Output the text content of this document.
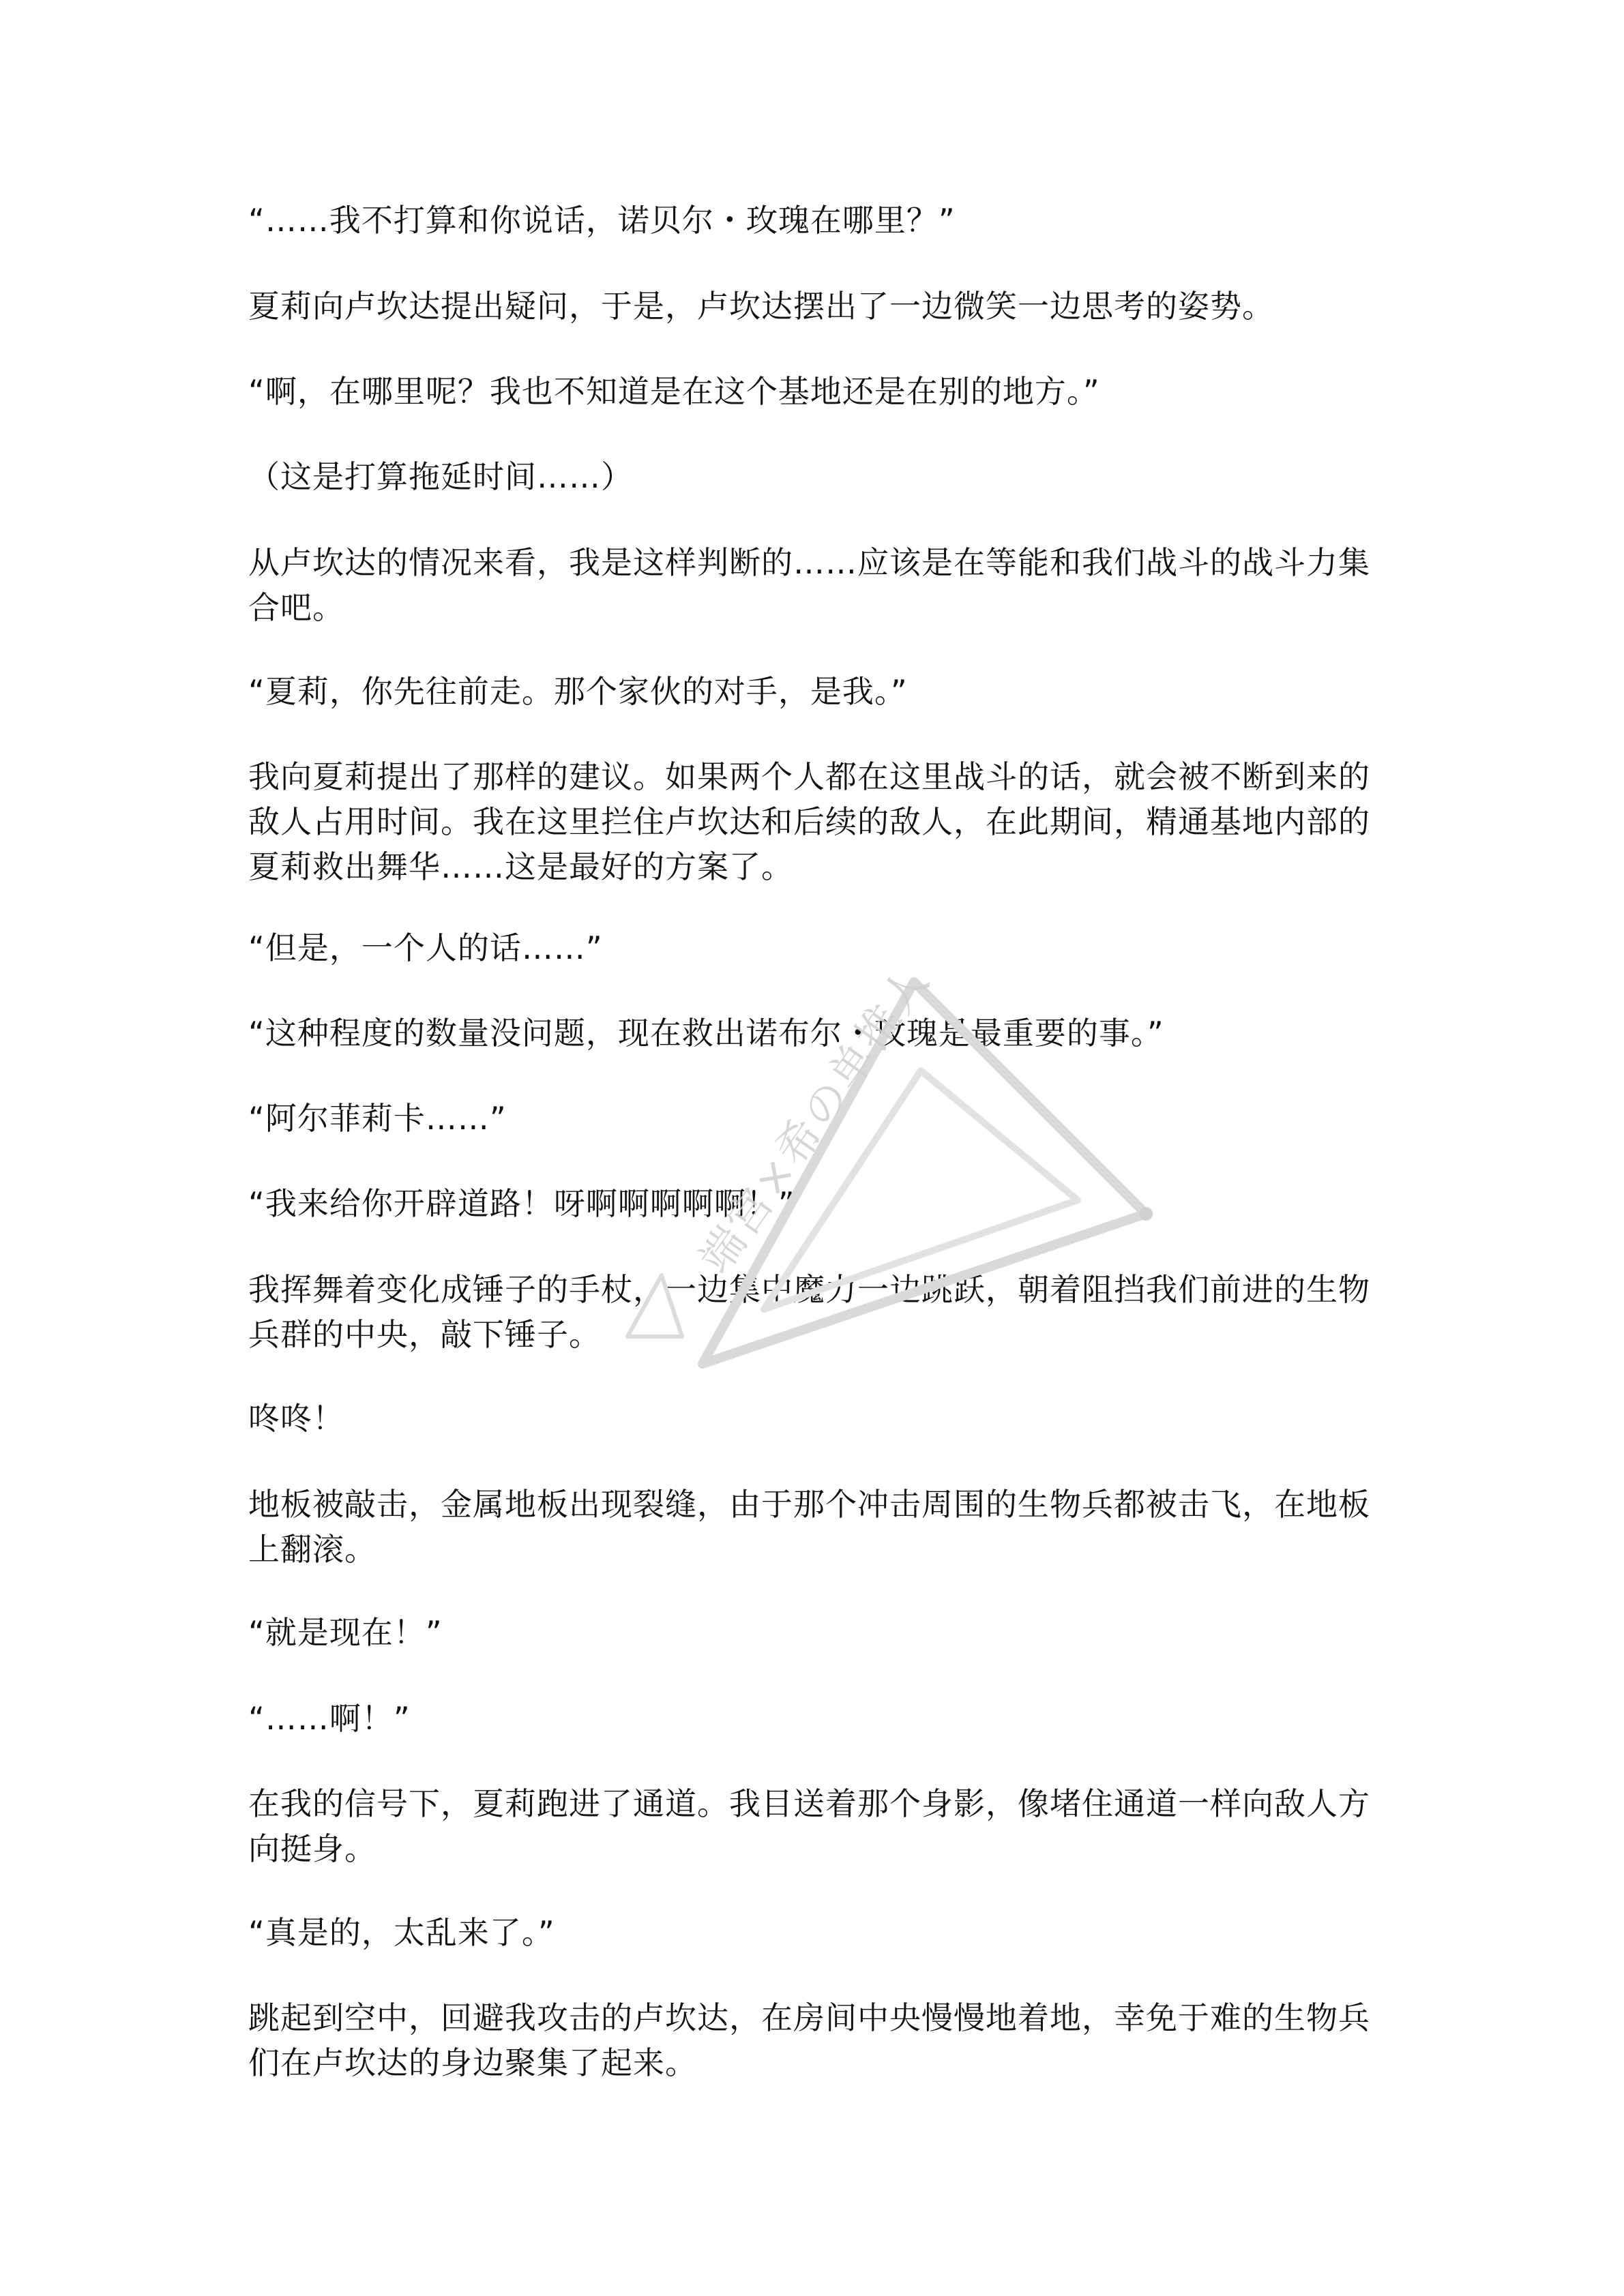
“……我不打算和你说话，诺贝尔・玫瑰在哪里？”

夏莉向卢坎达提出疑问，于是，卢坎达摆出了一边微笑一边思考的姿势。

“啊，在哪里呢？我也不知道是在这个基地还是在别的地方。”

（这是打算拖延时间……）

从卢坎达的情况来看，我是这样判断的……应该是在等能和我们战斗的战斗力集合吧。

“夏莉，你先往前走。那个家伙的对手，是我。”

我向夏莉提出了那样的建议。如果两个人都在这里战斗的话，就会被不断到来的敌人占用时间。我在这里拦住卢坎达和后续的敌人，在此期间，精通基地内部的夏莉救出舞华……这是最好的方案了。

“但是，一个人的话……”

“这种程度的数量没问题，现在救出诺布尔・玫瑰是最重要的事。”

“阿尔菲莉卡……”

“我来给你开辟道路！呀啊啊啊啊啊！”

我挥舞着变化成锤子的手杖，一边集中魔力一边跳跃，朝着阻挡我们前进的生物兵群的中央，敲下锤子。

咚咚！

地板被敲击，金属地板出现裂缝，由于那个冲击周围的生物兵都被击飞，在地板上翻滚。

“就是现在！”

“……啊！”

在我的信号下，夏莉跑进了通道。我目送着那个身影，像堵住通道一样向敌人方向挺身。

“真是的，太乱来了。”

跳起到空中，回避我攻击的卢坎达，在房间中央慢慢地着地，幸免于难的生物兵们在卢坎达的身边聚集了起来。

端宫×希の单推人
